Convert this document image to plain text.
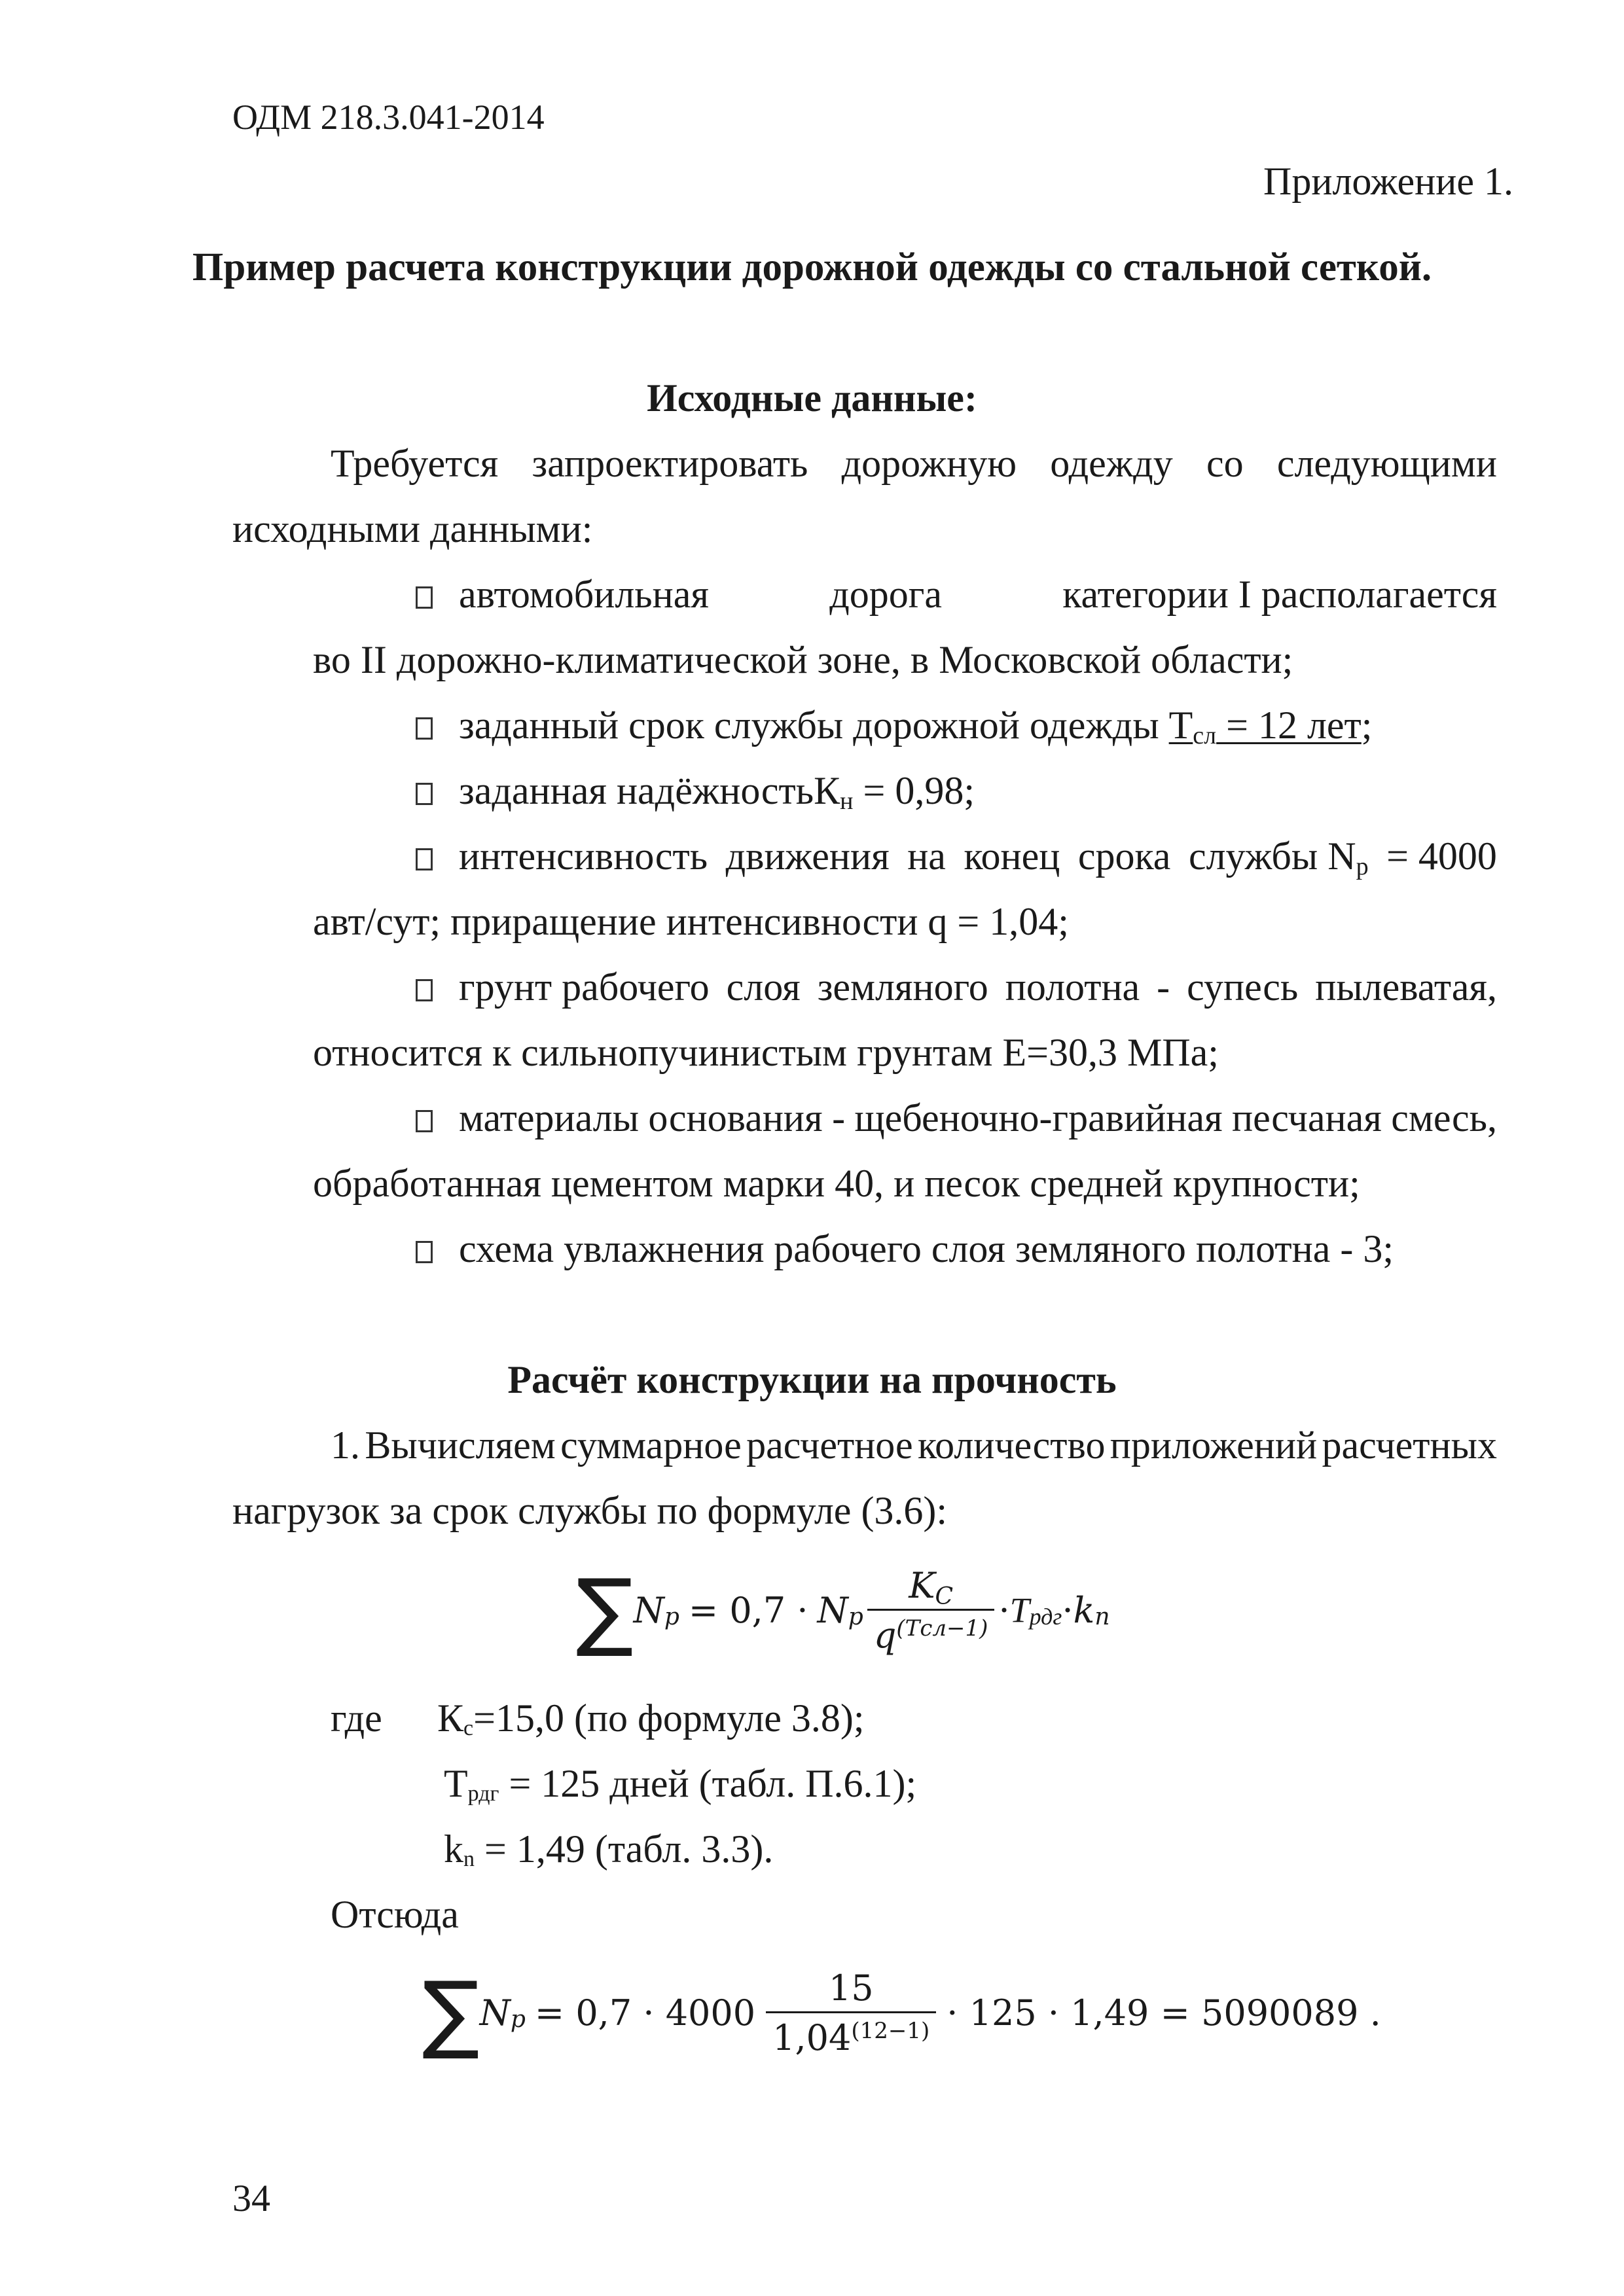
ОДМ 218.3.041-2014
Приложение 1.
Пример расчета конструкции дорожной одежды со стальной сеткой.
Исходные данные:
Требуется запроектировать дорожную одежду со следующими
исходными данными:
автомобильная	дорога	категории I располагается
во II дорожно-климатической зоне, в Московской области;
заданный срок службы дорожной одежды Тсл = 12 лет;
заданная надёжностьКн = 0,98;
интенсивность движения на конец срока службы Np = 4000
авт/сут; приращение интенсивности q = 1,04;
грунт рабочего слоя земляного полотна - супесь пылеватая,
относится к сильнопучинистым грунтам E=30,3 МПа;
материалы основания - щебеночно-гравийная песчаная смесь,
обработанная цементом марки 40, и песок средней крупности;
схема увлажнения рабочего слоя земляного полотна - 3;
Расчёт конструкции на прочность
1. Вычисляем суммарное расчетное количество приложений расчетных
нагрузок за срок службы по формуле (3.6):
∑ N p = 0,7 · N p $\frac{KC}{q^{(Tсл-1)}} \cdot T$ рдг · k n
где Кс=15,0 (по формуле 3.8);
Трдг = 125 дней (табл. П.6.1);
kn = 1,49 (табл. 3.3).
Отсюда
∑ N $p = 0,7 \cdot 4000 \frac{15}{1,04^{(12-1)}} \cdot 125 \cdot 1,49 = 5090089$ .
34
